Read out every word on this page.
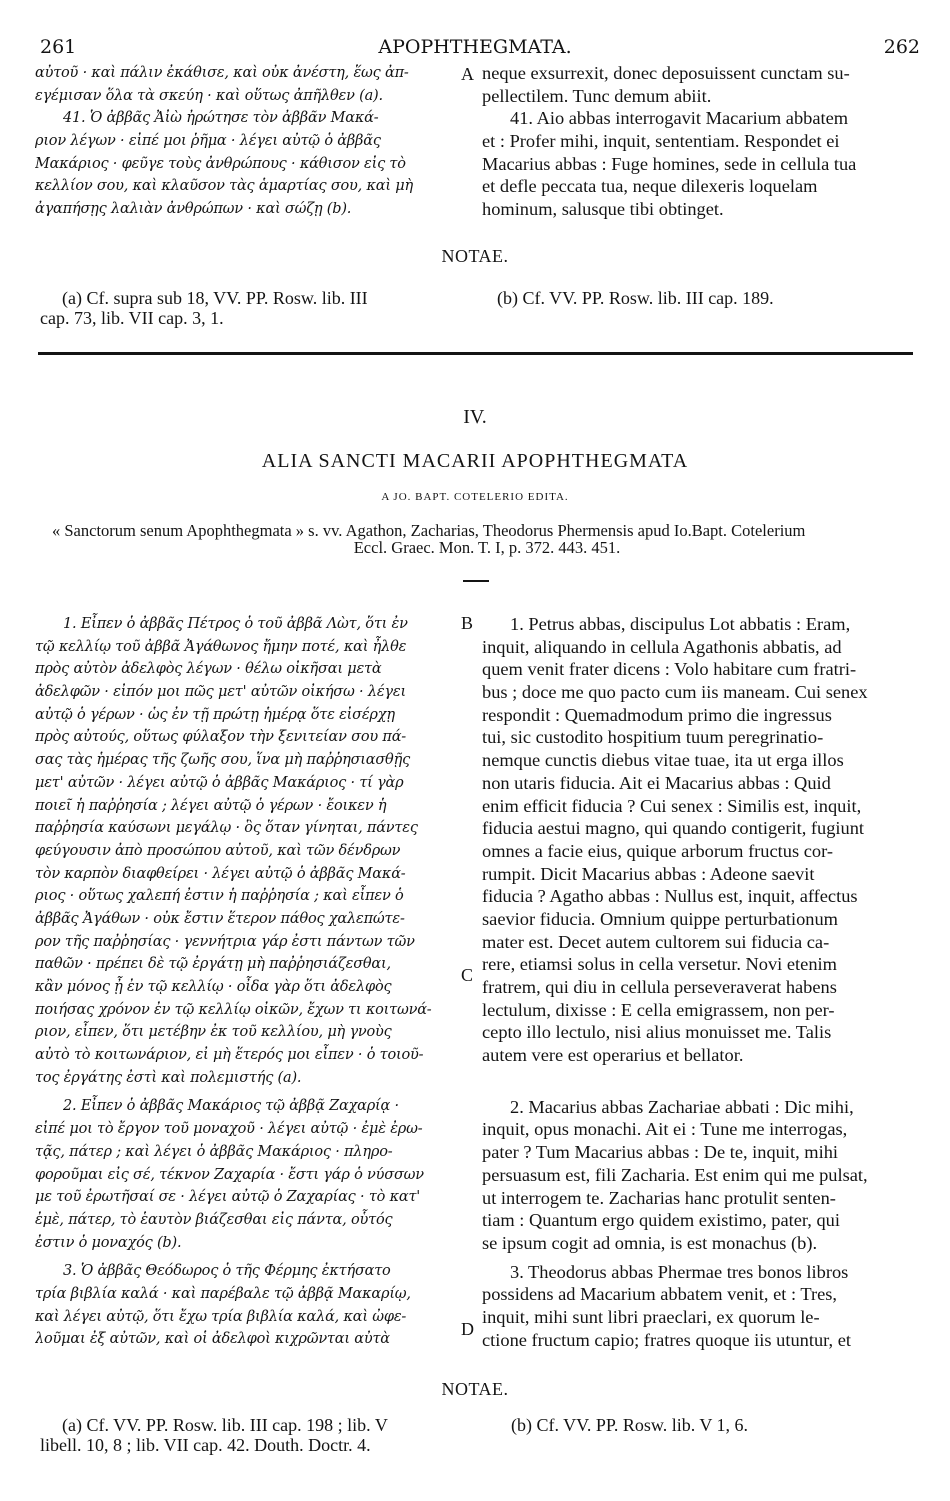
261	APOPHTHEGMATA.	262
αὐτοῦ · καὶ πάλιν ἐκάθισε, καὶ οὐκ ἀνέστη, ἕως ἀπ-
εγέμισαν ὅλα τὰ σκεύη · καὶ οὕτως ἀπῆλθεν (a).
41. Ὁ ἀββᾶς Ἀἰὼ ἠρώτησε τὸν ἀββᾶν Μακά-
ριον λέγων · εἰπέ μοι ῥῆμα · λέγει αὐτῷ ὁ ἀββᾶς
Μακάριος · φεῦγε τοὺς ἀνθρώπους · κάθισον εἰς τὸ
κελλίον σου, καὶ κλαῦσον τὰς ἁμαρτίας σου, καὶ μὴ
ἀγαπήσῃς λαλιὰν ἀνθρώπων · καὶ σώζῃ (b).
A neque exsurrexit, donec deposuissent cunctam su-
pellectilem. Tunc demum abiit.
41. Aio abbas interrogavit Macarium abbatem
et : Profer mihi, inquit, sententiam. Respondet ei
Macarius abbas : Fuge homines, sede in cellula tua
et defle peccata tua, neque dilexeris loquelam
hominum, salusque tibi obtinget.
NOTAE.
(a) Cf. supra sub 18, VV. PP. Rosw. lib. III
cap. 73, lib. VII cap. 3, 1.
(b) Cf. VV. PP. Rosw. lib. III cap. 189.
IV.
ALIA SANCTI MACARII APOPHTHEGMATA
A JO. BAPT. COTELERIO EDITA.
« Sanctorum senum Apophthegmata » s. vv. Agathon, Zacharias, Theodorus Phermensis apud Io.Bapt. Cotelerium
Eccl. Graec. Mon. T. I, p. 372. 443. 451.
1. Εἶπεν ὁ ἀββᾶς Πέτρος ὁ τοῦ ἀββᾶ Λὼτ, ὅτι ἐν
τῷ κελλίῳ τοῦ ἀββᾶ Ἀγάθωνος ἤμην ποτέ, καὶ ἦλθε
πρὸς αὐτὸν ἀδελφὸς λέγων · θέλω οἰκῆσαι μετὰ
ἀδελφῶν · εἰπόν μοι πῶς μετ' αὐτῶν οἰκήσω · λέγει
αὐτῷ ὁ γέρων · ὡς ἐν τῇ πρώτῃ ἡμέρᾳ ὅτε εἰσέρχῃ
πρὸς αὐτούς, οὕτως φύλαξον τὴν ξενιτείαν σου πά-
σας τὰς ἡμέρας τῆς ζωῆς σου, ἵνα μὴ παῤῥησιασθῇς
μετ' αὐτῶν · λέγει αὐτῷ ὁ ἀββᾶς Μακάριος · τί γὰρ
ποιεῖ ἡ παῤῥησία ; λέγει αὐτῷ ὁ γέρων · ἔοικεν ἡ
παῤῥησία καύσωνι μεγάλῳ · ὃς ὅταν γίνηται, πάντες
φεύγουσιν ἀπὸ προσώπου αὐτοῦ, καὶ τῶν δένδρων
τὸν καρπὸν διαφθείρει · λέγει αὐτῷ ὁ ἀββᾶς Μακά-
ριος · οὕτως χαλεπή ἐστιν ἡ παῤῥησία ; καὶ εἶπεν ὁ
ἀββᾶς Ἀγάθων · οὐκ ἔστιν ἕτερον πάθος χαλεπώτε-
ρον τῆς παῤῥησίας · γεννήτρια γάρ ἐστι πάντων τῶν
παθῶν · πρέπει δὲ τῷ ἐργάτῃ μὴ παῤῥησιάζεσθαι,
κἂν μόνος ᾖ ἐν τῷ κελλίῳ · οἶδα γὰρ ὅτι ἀδελφὸς
ποιήσας χρόνον ἐν τῷ κελλίῳ οἰκῶν, ἔχων τι κοιτωνά-
ριον, εἶπεν, ὅτι μετέβην ἐκ τοῦ κελλίου, μὴ γνοὺς
αὐτὸ τὸ κοιτωνάριον, εἰ μὴ ἕτερός μοι εἶπεν · ὁ τοιοῦ-
τος ἐργάτης ἐστὶ καὶ πολεμιστής (a).
2. Εἶπεν ὁ ἀββᾶς Μακάριος τῷ ἀββᾷ Ζαχαρίᾳ ·
εἰπέ μοι τὸ ἔργον τοῦ μοναχοῦ · λέγει αὐτῷ · ἐμὲ ἐρω-
τᾷς, πάτερ ; καὶ λέγει ὁ ἀββᾶς Μακάριος · πληρο-
φοροῦμαι εἰς σέ, τέκνον Ζαχαρία · ἔστι γάρ ὁ νύσσων
με τοῦ ἐρωτῆσαί σε · λέγει αὐτῷ ὁ Ζαχαρίας · τὸ κατ'
ἐμὲ, πάτερ, τὸ ἑαυτὸν βιάζεσθαι εἰς πάντα, οὗτός
ἐστιν ὁ μοναχός (b).
3. Ὁ ἀββᾶς Θεόδωρος ὁ τῆς Φέρμης ἐκτήσατο
τρία βιβλία καλά · καὶ παρέβαλε τῷ ἀββᾷ Μακαρίῳ,
καὶ λέγει αὐτῷ, ὅτι ἔχω τρία βιβλία καλά, καὶ ὠφε-
λοῦμαι ἐξ αὐτῶν, καὶ οἱ ἀδελφοὶ κιχρῶνται αὐτὰ
B
C
D
1. Petrus abbas, discipulus Lot abbatis : Eram,
inquit, aliquando in cellula Agathonis abbatis, ad
quem venit frater dicens : Volo habitare cum fratri-
bus ; doce me quo pacto cum iis maneam. Cui senex
respondit : Quemadmodum primo die ingressus
tui, sic custodito hospitium tuum peregrinatio-
nemque cunctis diebus vitae tuae, ita ut erga illos
non utaris fiducia. Ait ei Macarius abbas : Quid
enim efficit fiducia ? Cui senex : Similis est, inquit,
fiducia aestui magno, qui quando contigerit, fugiunt
omnes a facie eius, quique arborum fructus cor-
rumpit. Dicit Macarius abbas : Adeone saevit
fiducia ? Agatho abbas : Nullus est, inquit, affectus
saevior fiducia. Omnium quippe perturbationum
mater est. Decet autem cultorem sui fiducia ca-
rere, etiamsi solus in cella versetur. Novi etenim
fratrem, qui diu in cellula perseveraverat habens
lectulum, dixisse : E cella emigrassem, non per-
cepto illo lectulo, nisi alius monuisset me. Talis
autem vere est operarius et bellator.
2. Macarius abbas Zachariae abbati : Dic mihi,
inquit, opus monachi. Ait ei : Tune me interrogas,
pater ? Tum Macarius abbas : De te, inquit, mihi
persuasum est, fili Zacharia. Est enim qui me pulsat,
ut interrogem te. Zacharias hanc protulit senten-
tiam : Quantum ergo quidem existimo, pater, qui
se ipsum cogit ad omnia, is est monachus (b).
3. Theodorus abbas Phermae tres bonos libros
possidens ad Macarium abbatem venit, et : Tres,
inquit, mihi sunt libri praeclari, ex quorum le-
ctione fructum capio; fratres quoque iis utuntur, et
NOTAE.
(a) Cf. VV. PP. Rosw. lib. III cap. 198 ; lib. V
libell. 10, 8 ; lib. VII cap. 42. Douth. Doctr. 4.
(b) Cf. VV. PP. Rosw. lib. V 1, 6.
